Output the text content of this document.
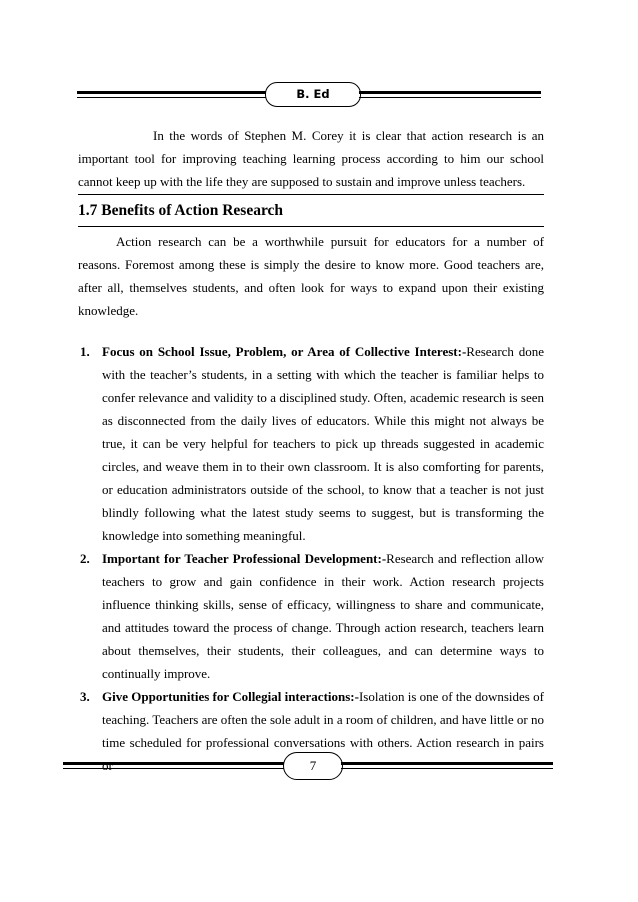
B. Ed

In the words of Stephen M. Corey it is clear that action research is an important tool for improving teaching learning process according to him our school cannot keep up with the life they are supposed to sustain and improve unless teachers.

1.7 Benefits of Action Research

Action research can be a worthwhile pursuit for educators for a number of reasons. Foremost among these is simply the desire to know more. Good teachers are, after all, themselves students, and often look for ways to expand upon their existing knowledge.

1. Focus on School Issue, Problem, or Area of Collective Interest:-Research done with the teacher’s students, in a setting with which the teacher is familiar helps to confer relevance and validity to a disciplined study. Often, academic research is seen as disconnected from the daily lives of educators. While this might not always be true, it can be very helpful for teachers to pick up threads suggested in academic circles, and weave them in to their own classroom. It is also comforting for parents, or education administrators outside of the school, to know that a teacher is not just blindly following what the latest study seems to suggest, but is transforming the knowledge into something meaningful.
2. Important for Teacher Professional Development:-Research and reflection allow teachers to grow and gain confidence in their work. Action research projects influence thinking skills, sense of efficacy, willingness to share and communicate, and attitudes toward the process of change. Through action research, teachers learn about themselves, their students, their colleagues, and can determine ways to continually improve.
3. Give Opportunities for Collegial interactions:-Isolation is one of the downsides of teaching. Teachers are often the sole adult in a room of children, and have little or no time scheduled for professional conversations with others. Action research in pairs or	7
